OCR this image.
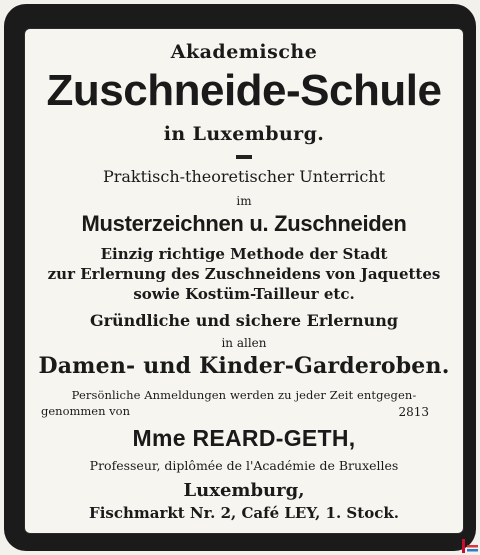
Akademische
Zuschneide-Schule
in Luxemburg.
Praktisch-theoretischer Unterricht
im
Musterzeichnen u. Zuschneiden
Einzig richtige Methode der Stadt
zur Erlernung des Zuschneidens von Jaquettes
sowie Kostüm-Tailleur etc.
Gründliche und sichere Erlernung
in allen
Damen- und Kinder-Garderoben.
Persönliche Anmeldungen werden zu jeder Zeit entgegen-
genommen von	2813
Mme REARD-GETH,
Professeur, diplômée de l'Académie de Bruxelles
Luxemburg,
Fischmarkt Nr. 2, Café LEY, 1. Stock.
